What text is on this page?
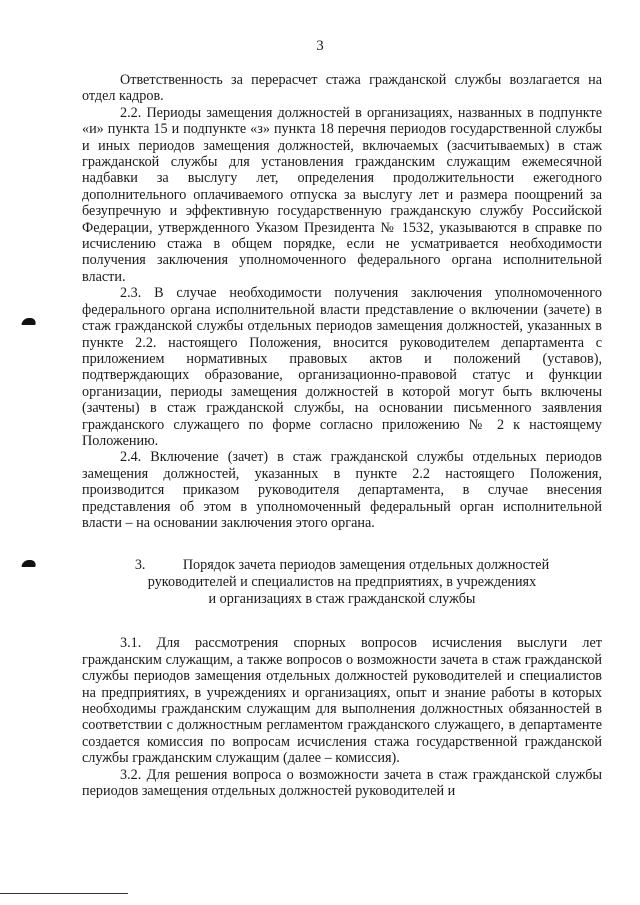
3

Ответственность за перерасчет стажа гражданской службы возлагается на отдел кадров.

2.2. Периоды замещения должностей в организациях, названных в подпункте «и» пункта 15 и подпункте «з» пункта 18 перечня периодов государственной службы и иных периодов замещения должностей, включаемых (засчитываемых) в стаж гражданской службы для установления гражданским служащим ежемесячной надбавки за выслугу лет, определения продолжительности ежегодного дополнительного оплачиваемого отпуска за выслугу лет и размера поощрений за безупречную и эффективную государственную гражданскую службу Российской Федерации, утвержденного Указом Президента № 1532, указываются в справке по исчислению стажа в общем порядке, если не усматривается необходимости получения заключения уполномоченного федерального органа исполнительной власти.

2.3. В случае необходимости получения заключения уполномоченного федерального органа исполнительной власти представление о включении (зачете) в стаж гражданской службы отдельных периодов замещения должностей, указанных в пункте 2.2. настоящего Положения, вносится руководителем департамента с приложением нормативных правовых актов и положений (уставов), подтверждающих образование, организационно-правовой статус и функции организации, периоды замещения должностей в которой могут быть включены (зачтены) в стаж гражданской службы, на основании письменного заявления гражданского служащего по форме согласно приложению № 2 к настоящему Положению.

2.4. Включение (зачет) в стаж гражданской службы отдельных периодов замещения должностей, указанных в пункте 2.2 настоящего Положения, производится приказом руководителя департамента, в случае внесения представления об этом в уполномоченный федеральный орган исполнительной власти – на основании заключения этого органа.

3.	Порядок зачета периодов замещения отдельных должностей
руководителей и специалистов на предприятиях, в учреждениях
и организациях в стаж гражданской службы

3.1. Для рассмотрения спорных вопросов исчисления выслуги лет гражданским служащим, а также вопросов о возможности зачета в стаж гражданской службы периодов замещения отдельных должностей руководителей и специалистов на предприятиях, в учреждениях и организациях, опыт и знание работы в которых необходимы гражданским служащим для выполнения должностных обязанностей в соответствии с должностным регламентом гражданского служащего, в департаменте создается комиссия по вопросам исчисления стажа государственной гражданской службы гражданским служащим (далее – комиссия).

3.2. Для решения вопроса о возможности зачета в стаж гражданской службы периодов замещения отдельных должностей руководителей и
